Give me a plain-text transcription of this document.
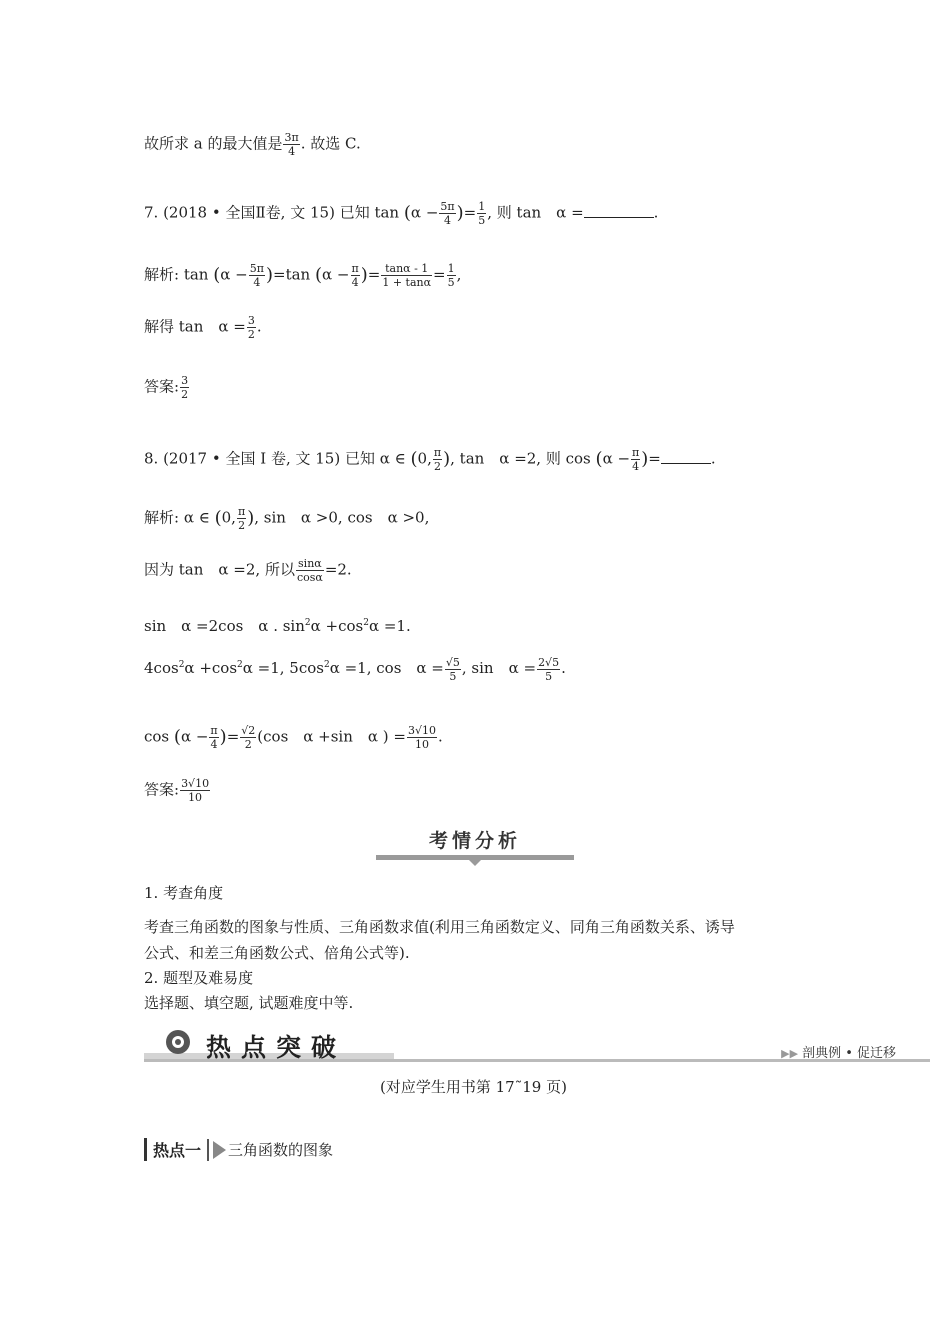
故所求 a 的最大值是 $\frac{3\pi}{4}$ . 故选 C.
7. (2018 • 全国Ⅱ卷, 文 15) 已知 $\tan (\alpha - \frac{5\pi}{4}$ )= $\frac{1}{5}$ , 则 tan　α =	.
解析: $\tan (\alpha - \frac{5\pi}{4} )=\tan$ ($\alpha - \frac{\pi}{4}$ )= $\frac{\tan\alpha - 1}{1 + \tan\alpha} = \frac{1}{5}$ ,
解得 tan　$\alpha = \frac{3}{2}$ .
答案: $\frac{3}{2}$
8. (2017 • 全国 Ⅰ 卷, 文 15) 已知 α ∈ (0, $\frac{\pi}{2}$ ), tan　α =2, 则 $\cos (\alpha - \frac{\pi}{4}$ )=	.
解析: α ∈ (0, $\frac{\pi}{2}$ ), sin　α >0, cos　α >0,
因为 tan　α =2, 所以 $\frac{\sin\alpha}{\cos\alpha} =2$.
sin　α =2cos　α . $\sin^2\alpha +\cos^2\alpha =1$.
$4\cos^2\alpha +\cos^2\alpha =1$, $5\cos^2\alpha =1$, cos　$\alpha = \frac{√5}{5}$ , sin　$\alpha = \frac{2√5}{5}$ .
$\cos (\alpha - \frac{\pi}{4}$ )= $\frac{√2}{2} (\cos$　α +sin　α ) = $\frac{3√10}{10}$ .
答案: $\frac{3√10}{10}$
考情分析
1. 考查角度
考查三角函数的图象与性质、三角函数求值(利用三角函数定义、同角三角函数关系、诱导
公式、和差三角函数公式、倍角公式等).
2. 题型及难易度
选择题、填空题, 试题难度中等.
热点突破	▶▶ 剖典例 • 促迁移
(对应学生用书第 17˜19 页)
热点一 三角函数的图象
